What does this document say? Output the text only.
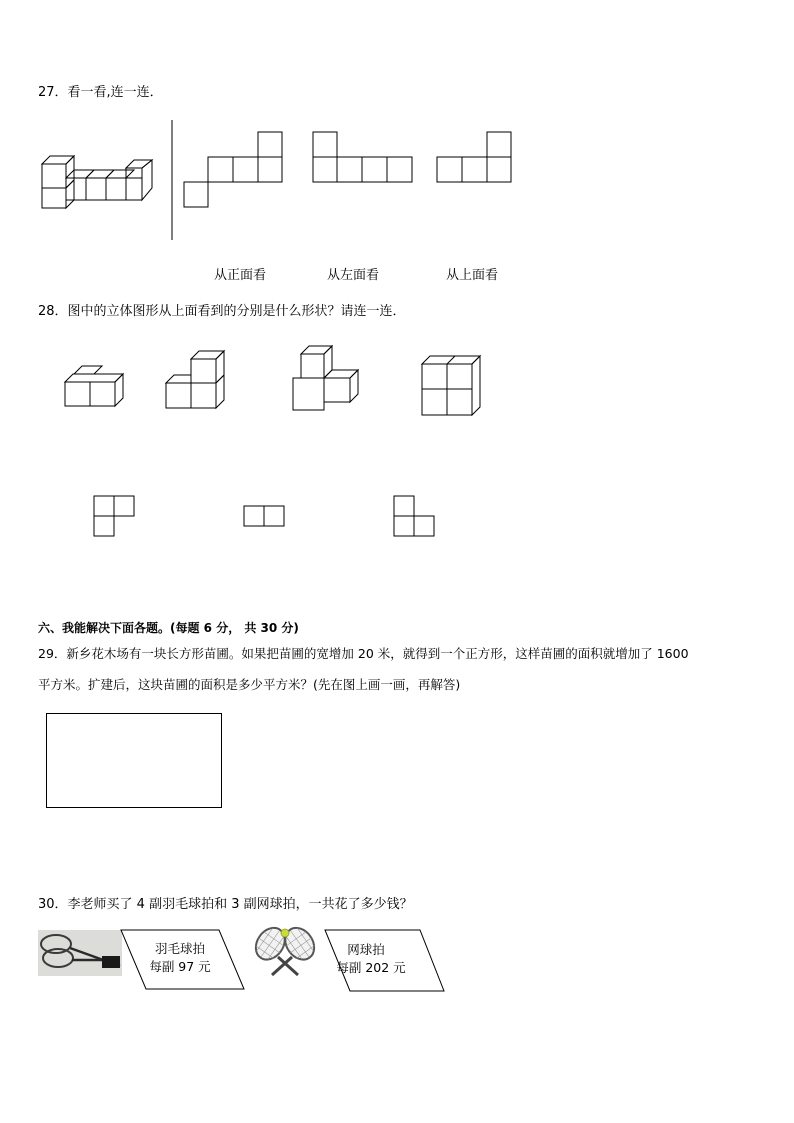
27．看一看,连一连．
从正面看	从左面看	从上面看
28．图中的立体图形从上面看到的分别是什么形状？请连一连．
六、我能解决下面各题。(每题 6 分， 共 30 分)
29．新乡花木场有一块长方形苗圃。如果把苗圃的宽增加 20 米，就得到一个正方形，这样苗圃的面积就增加了 1600
平方米。扩建后，这块苗圃的面积是多少平方米？(先在图上画一画，再解答)
30．李老师买了 4 副羽毛球拍和 3 副网球拍，一共花了多少钱？
羽毛球拍
每副 97 元
网球拍
每副 202 元
